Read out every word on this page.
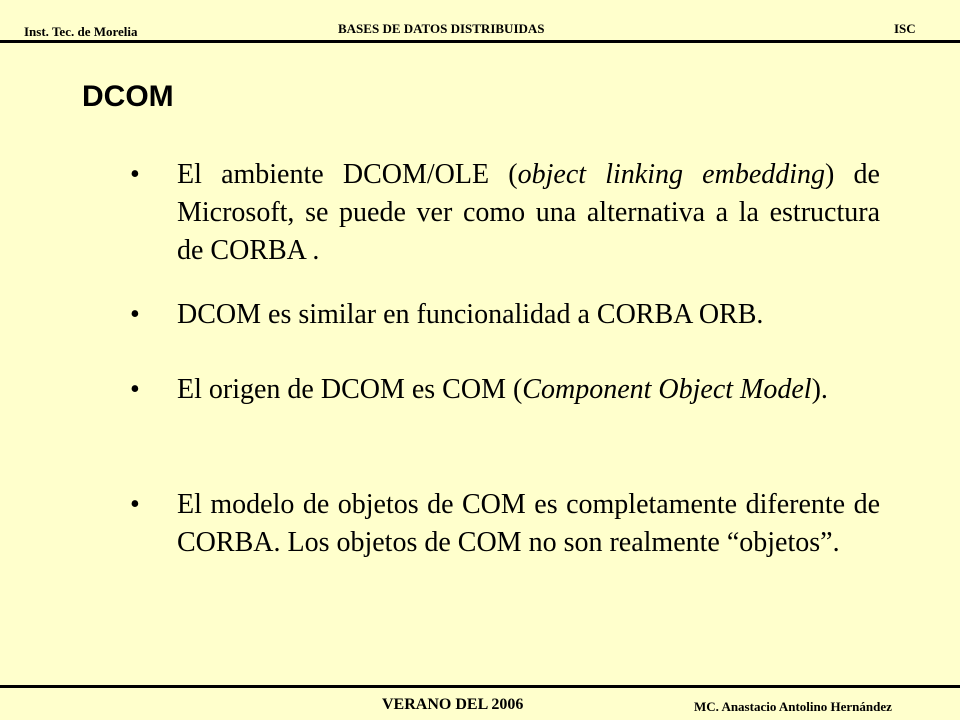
Inst. Tec. de Morelia	BASES DE DATOS DISTRIBUIDAS	ISC
DCOM
• El ambiente DCOM/OLE (object linking embedding) de Microsoft, se puede ver como una alternativa a la estructura de CORBA .
• DCOM es similar en funcionalidad a CORBA ORB.
• El origen de DCOM es COM (Component Object Model).
• El modelo de objetos de COM es completamente diferente de CORBA. Los objetos de COM no son realmente “objetos”.
VERANO DEL 2006	MC. Anastacio Antolino Hernández
